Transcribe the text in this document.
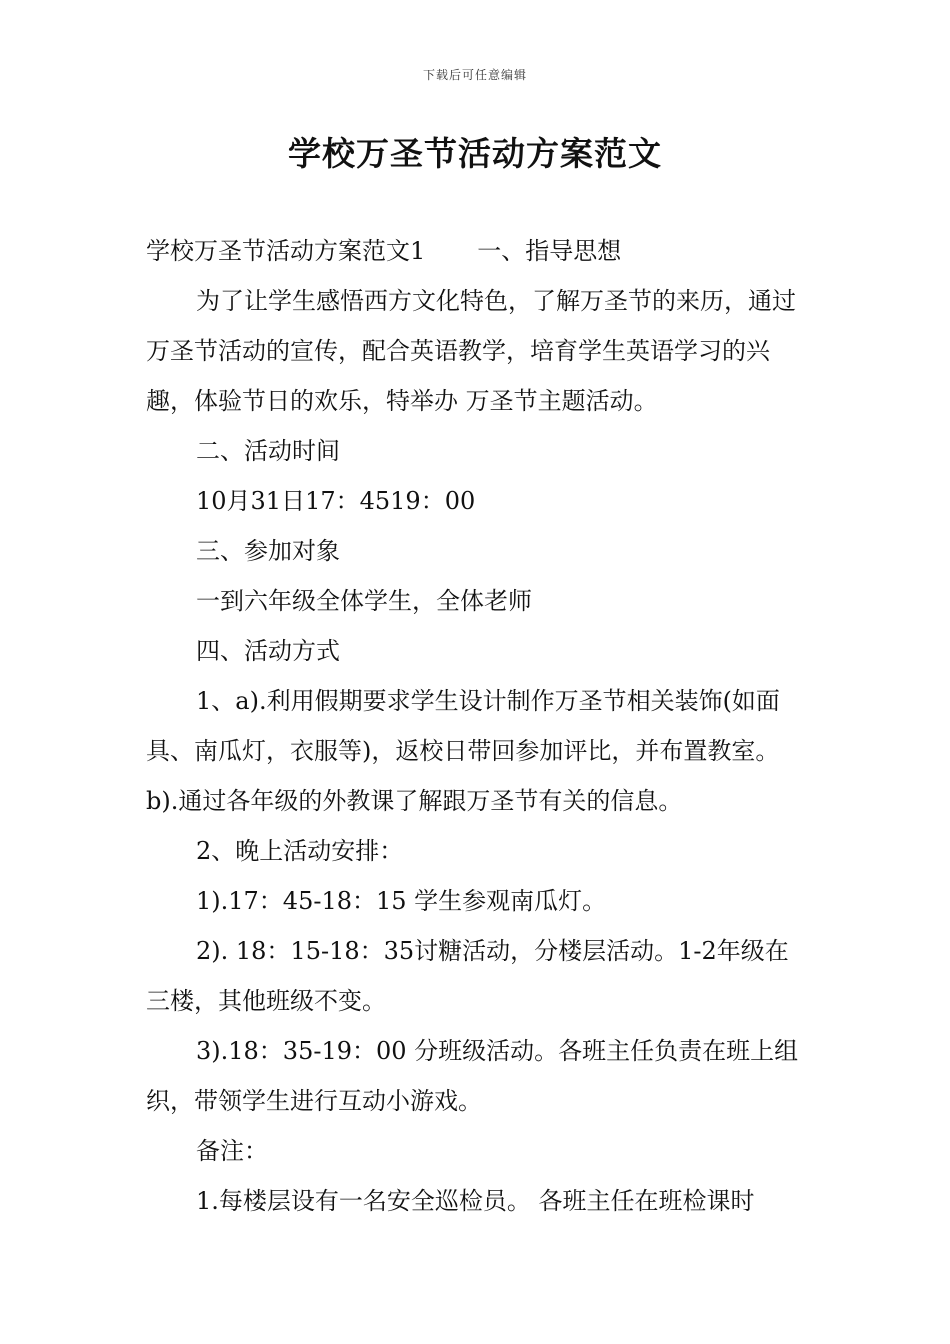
下载后可任意编辑
学校万圣节活动方案范文

学校万圣节活动方案范文1 一、指导思想

为了让学生感悟西方文化特色，了解万圣节的来历，通过万圣节活动的宣传，配合英语教学，培育学生英语学习的兴趣，体验节日的欢乐，特举办 万圣节主题活动。

二、活动时间

10月31日17：4519：00

三、参加对象

一到六年级全体学生，全体老师

四、活动方式

1、a).利用假期要求学生设计制作万圣节相关装饰(如面具、南瓜灯，衣服等)，返校日带回参加评比，并布置教室。b).通过各年级的外教课了解跟万圣节有关的信息。

2、晚上活动安排：

1).17：45-18：15 学生参观南瓜灯。

2). 18：15-18：35讨糖活动，分楼层活动。1-2年级在三楼，其他班级不变。

3).18：35-19：00 分班级活动。各班主任负责在班上组织，带领学生进行互动小游戏。

备注：

1.每楼层设有一名安全巡检员。 各班主任在班检课时
